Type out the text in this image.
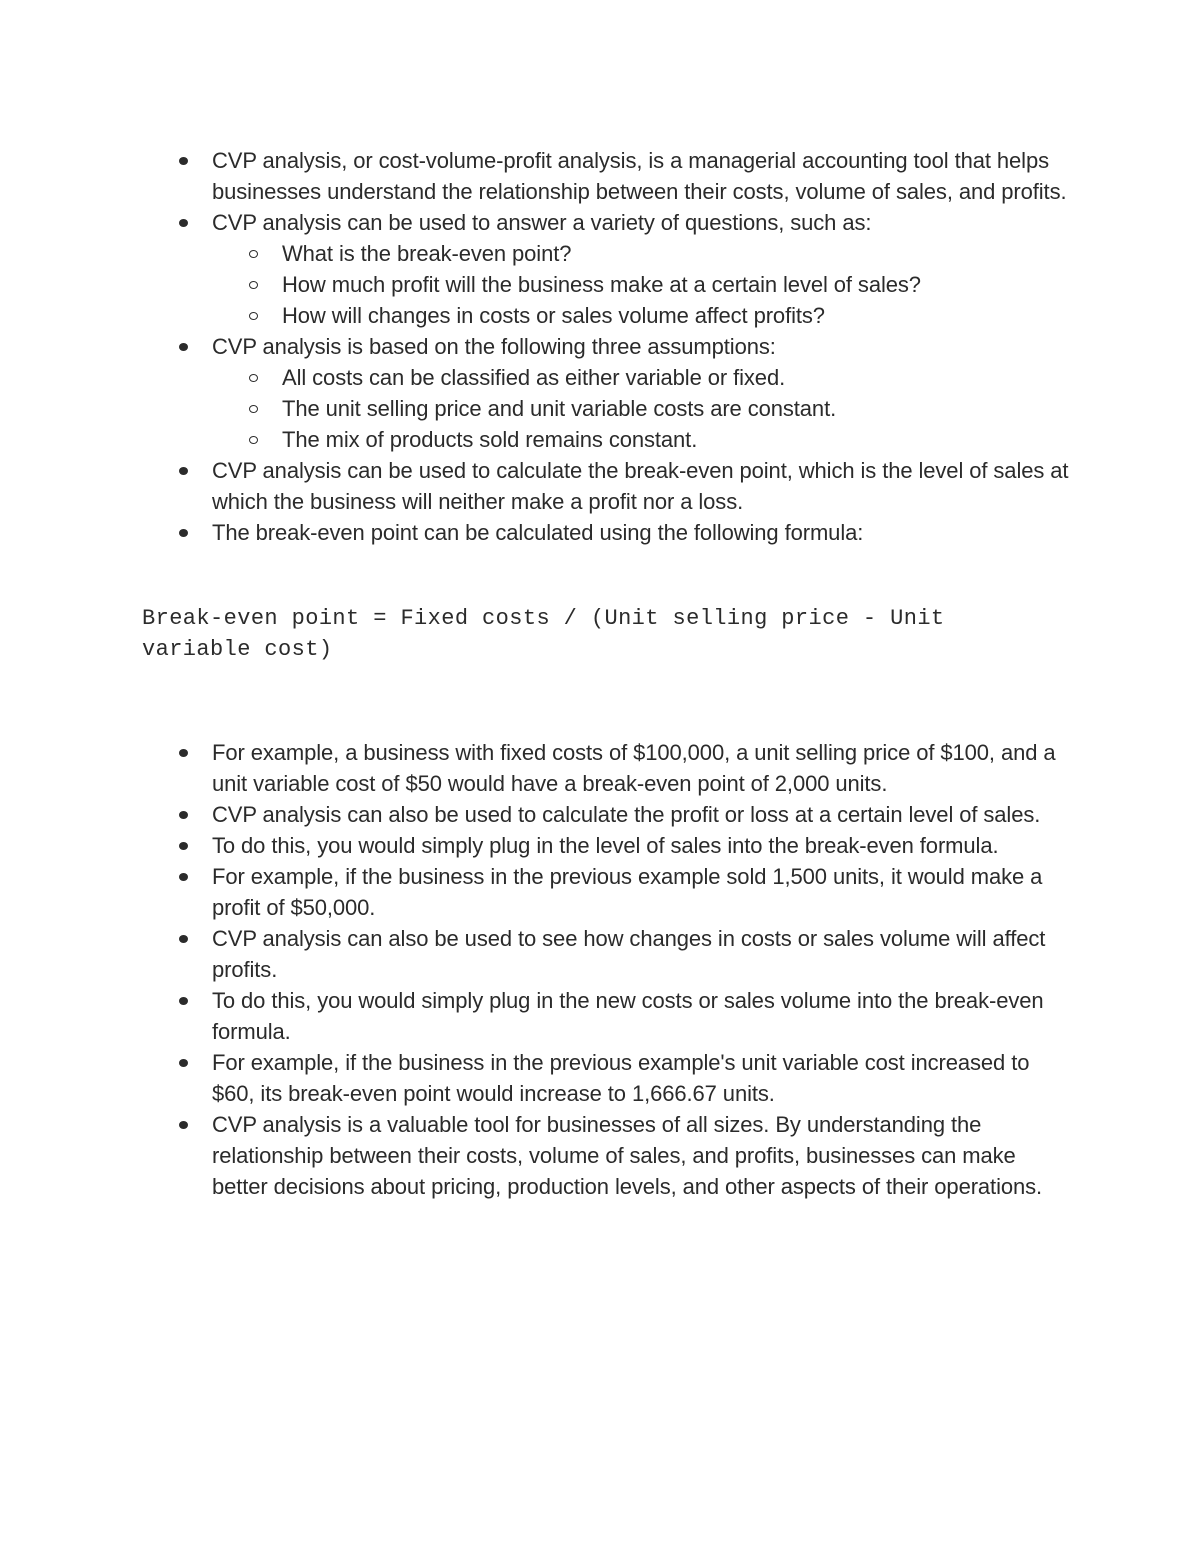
CVP analysis, or cost-volume-profit analysis, is a managerial accounting tool that helps businesses understand the relationship between their costs, volume of sales, and profits.
CVP analysis can be used to answer a variety of questions, such as:
What is the break-even point?
How much profit will the business make at a certain level of sales?
How will changes in costs or sales volume affect profits?
CVP analysis is based on the following three assumptions:
All costs can be classified as either variable or fixed.
The unit selling price and unit variable costs are constant.
The mix of products sold remains constant.
CVP analysis can be used to calculate the break-even point, which is the level of sales at which the business will neither make a profit nor a loss.
The break-even point can be calculated using the following formula:
Break-even point = Fixed costs / (Unit selling price - Unit
variable cost)
For example, a business with fixed costs of $100,000, a unit selling price of $100, and a unit variable cost of $50 would have a break-even point of 2,000 units.
CVP analysis can also be used to calculate the profit or loss at a certain level of sales.
To do this, you would simply plug in the level of sales into the break-even formula.
For example, if the business in the previous example sold 1,500 units, it would make a profit of $50,000.
CVP analysis can also be used to see how changes in costs or sales volume will affect profits.
To do this, you would simply plug in the new costs or sales volume into the break-even formula.
For example, if the business in the previous example's unit variable cost increased to $60, its break-even point would increase to 1,666.67 units.
CVP analysis is a valuable tool for businesses of all sizes. By understanding the relationship between their costs, volume of sales, and profits, businesses can make better decisions about pricing, production levels, and other aspects of their operations.
